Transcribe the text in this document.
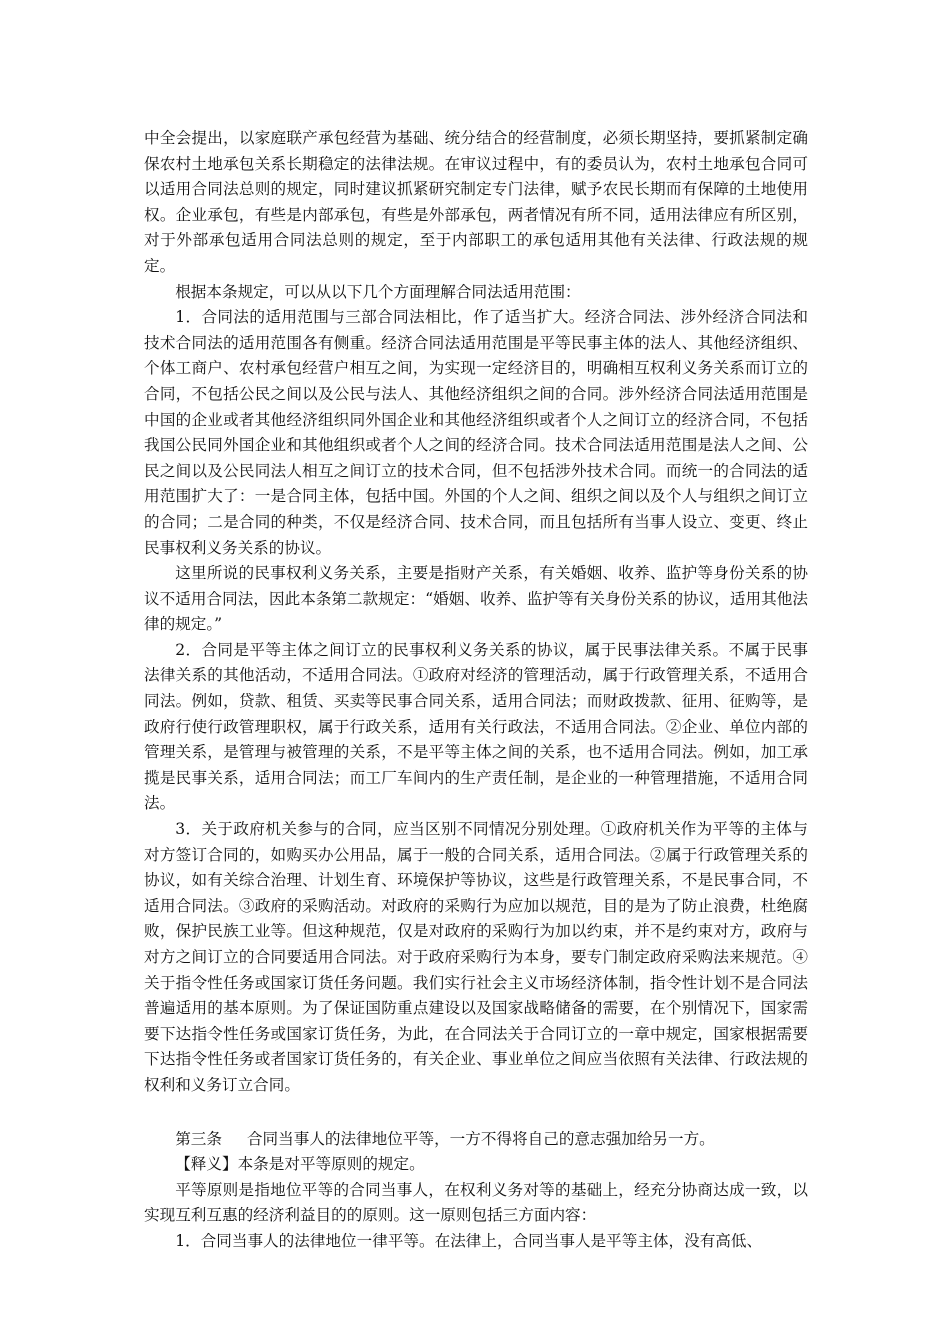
中全会提出，以家庭联产承包经营为基础、统分结合的经营制度，必须长期坚持，要抓紧制定确保农村土地承包关系长期稳定的法律法规。在审议过程中，有的委员认为，农村土地承包合同可以适用合同法总则的规定，同时建议抓紧研究制定专门法律，赋予农民长期而有保障的土地使用权。企业承包，有些是内部承包，有些是外部承包，两者情况有所不同，适用法律应有所区别，对于外部承包适用合同法总则的规定，至于内部职工的承包适用其他有关法律、行政法规的规定。

根据本条规定，可以从以下几个方面理解合同法适用范围：

1．合同法的适用范围与三部合同法相比，作了适当扩大。经济合同法、涉外经济合同法和技术合同法的适用范围各有侧重。经济合同法适用范围是平等民事主体的法人、其他经济组织、个体工商户、农村承包经营户相互之间，为实现一定经济目的，明确相互权利义务关系而订立的合同，不包括公民之间以及公民与法人、其他经济组织之间的合同。涉外经济合同法适用范围是中国的企业或者其他经济组织同外国企业和其他经济组织或者个人之间订立的经济合同，不包括我国公民同外国企业和其他组织或者个人之间的经济合同。技术合同法适用范围是法人之间、公民之间以及公民同法人相互之间订立的技术合同，但不包括涉外技术合同。而统一的合同法的适用范围扩大了：一是合同主体，包括中国。外国的个人之间、组织之间以及个人与组织之间订立的合同；二是合同的种类，不仅是经济合同、技术合同，而且包括所有当事人设立、变更、终止民事权利义务关系的协议。

这里所说的民事权利义务关系，主要是指财产关系，有关婚姻、收养、监护等身份关系的协议不适用合同法，因此本条第二款规定：“婚姻、收养、监护等有关身份关系的协议，适用其他法律的规定。”

2．合同是平等主体之间订立的民事权利义务关系的协议，属于民事法律关系。不属于民事法律关系的其他活动，不适用合同法。①政府对经济的管理活动，属于行政管理关系，不适用合同法。例如，贷款、租赁、买卖等民事合同关系，适用合同法；而财政拨款、征用、征购等，是政府行使行政管理职权，属于行政关系，适用有关行政法，不适用合同法。②企业、单位内部的管理关系，是管理与被管理的关系，不是平等主体之间的关系，也不适用合同法。例如，加工承揽是民事关系，适用合同法；而工厂车间内的生产责任制，是企业的一种管理措施，不适用合同法。

3．关于政府机关参与的合同，应当区别不同情况分别处理。①政府机关作为平等的主体与对方签订合同的，如购买办公用品，属于一般的合同关系，适用合同法。②属于行政管理关系的协议，如有关综合治理、计划生育、环境保护等协议，这些是行政管理关系，不是民事合同，不适用合同法。③政府的采购活动。对政府的采购行为应加以规范，目的是为了防止浪费，杜绝腐败，保护民族工业等。但这种规范，仅是对政府的采购行为加以约束，并不是约束对方，政府与对方之间订立的合同要适用合同法。对于政府采购行为本身，要专门制定政府采购法来规范。④关于指令性任务或国家订货任务问题。我们实行社会主义市场经济体制，指令性计划不是合同法普遍适用的基本原则。为了保证国防重点建设以及国家战略储备的需要，在个别情况下，国家需要下达指令性任务或国家订货任务，为此，在合同法关于合同订立的一章中规定，国家根据需要下达指令性任务或者国家订货任务的，有关企业、事业单位之间应当依照有关法律、行政法规的权利和义务订立合同。

第三条 合同当事人的法律地位平等，一方不得将自己的意志强加给另一方。

【释义】本条是对平等原则的规定。

平等原则是指地位平等的合同当事人，在权利义务对等的基础上，经充分协商达成一致，以实现互利互惠的经济利益目的的原则。这一原则包括三方面内容：

1．合同当事人的法律地位一律平等。在法律上，合同当事人是平等主体，没有高低、
